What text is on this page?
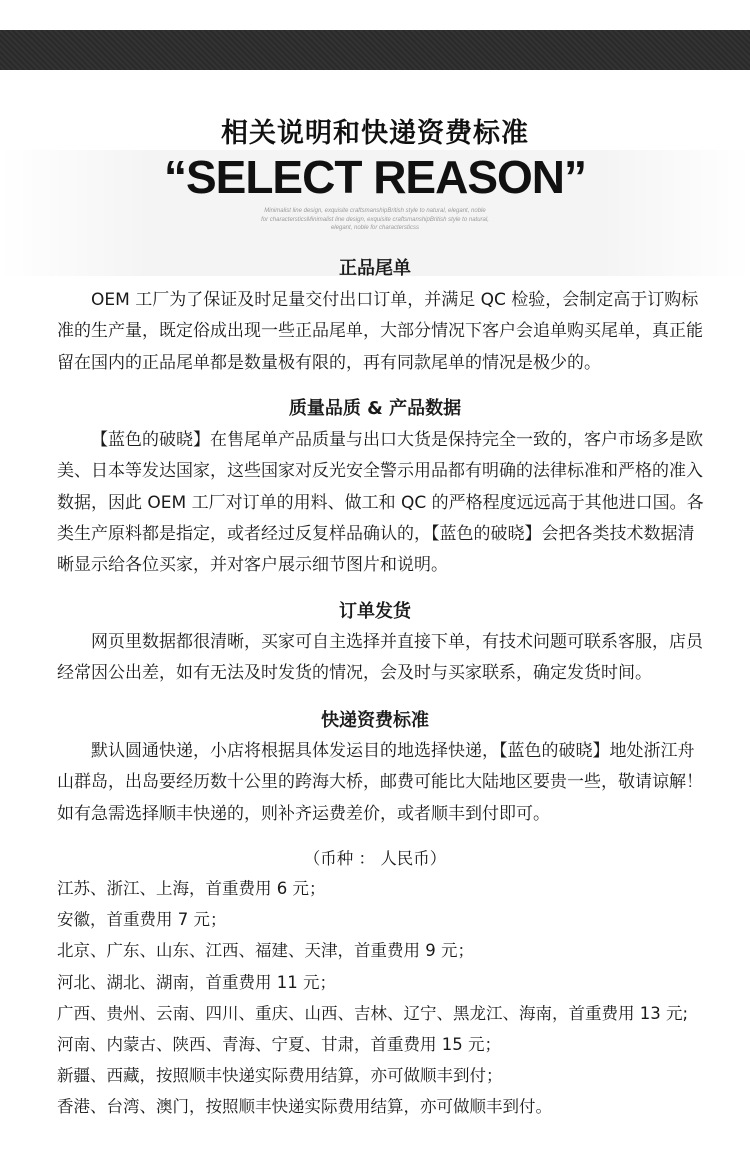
相关说明和快递资费标准
“SELECT REASON”
Minimalist line design, exquisite craftsmanshipBritish style to natural, elegant, noble for charactersticsMinimalist line design, exquisite craftsmanshipBritish style to natural, elegant, noble for charactersticss
正品尾单
OEM 工厂为了保证及时足量交付出口订单，并满足 QC 检验，会制定高于订购标准的生产量，既定俗成出现一些正品尾单，大部分情况下客户会追单购买尾单，真正能留在国内的正品尾单都是数量极有限的，再有同款尾单的情况是极少的。
质量品质 & 产品数据
【蓝色的破晓】在售尾单产品质量与出口大货是保持完全一致的，客户市场多是欧美、日本等发达国家，这些国家对反光安全警示用品都有明确的法律标准和严格的准入数据，因此 OEM 工厂对订单的用料、做工和 QC 的严格程度远远高于其他进口国。各类生产原料都是指定，或者经过反复样品确认的，【蓝色的破晓】会把各类技术数据清晰显示给各位买家，并对客户展示细节图片和说明。
订单发货
网页里数据都很清晰，买家可自主选择并直接下单，有技术问题可联系客服，店员经常因公出差，如有无法及时发货的情况，会及时与买家联系，确定发货时间。
快递资费标准
默认圆通快递，小店将根据具体发运目的地选择快递，【蓝色的破晓】地处浙江舟山群岛，出岛要经历数十公里的跨海大桥，邮费可能比大陆地区要贵一些，敬请谅解！如有急需选择顺丰快递的，则补齐运费差价，或者顺丰到付即可。
（币种 ： 人民币）
江苏、浙江、上海，首重费用 6 元；
安徽，首重费用 7 元；
北京、广东、山东、江西、福建、天津，首重费用 9 元；
河北、湖北、湖南，首重费用 11 元；
广西、贵州、云南、四川、重庆、山西、吉林、辽宁、黑龙江、海南，首重费用 13 元;
河南、内蒙古、陕西、青海、宁夏、甘肃，首重费用 15 元；
新疆、西藏，按照顺丰快递实际费用结算，亦可做顺丰到付；
香港、台湾、澳门，按照顺丰快递实际费用结算，亦可做顺丰到付。
